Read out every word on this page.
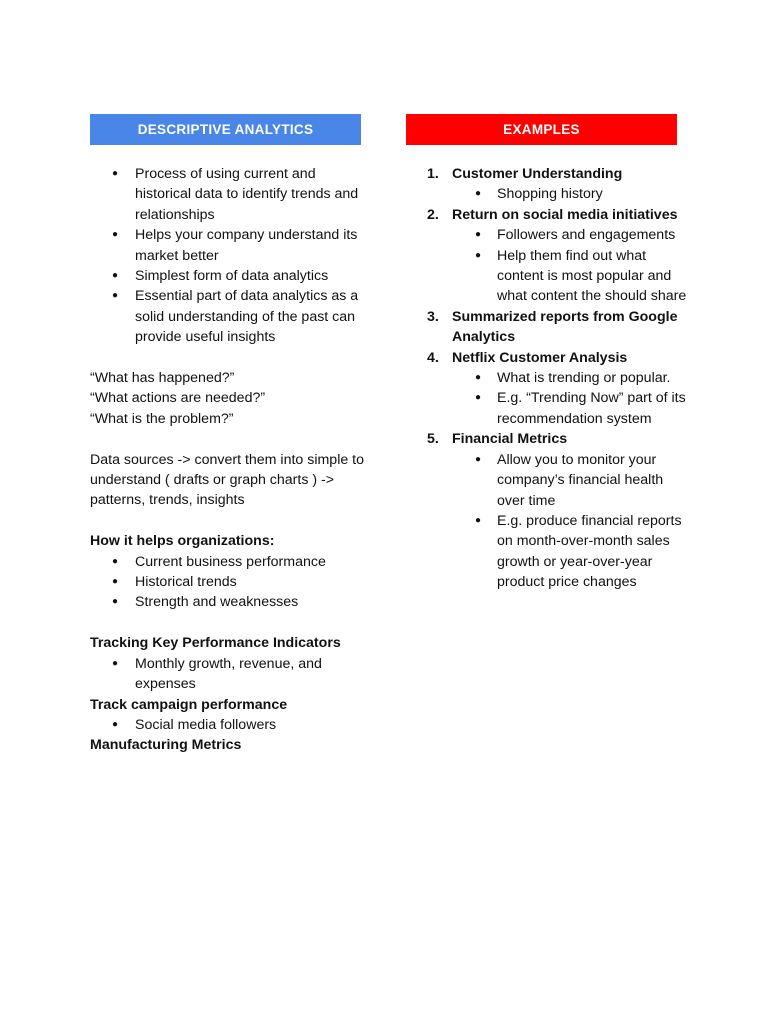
DESCRIPTIVE ANALYTICS	EXAMPLES
● Process of using current and historical data to identify trends and relationships
● Helps your company understand its market better
● Simplest form of data analytics
● Essential part of data analytics as a solid understanding of the past can provide useful insights

“What has happened?”

“What actions are needed?”

“What is the problem?”

Data sources -> convert them into simple to understand ( drafts or graph charts ) -> patterns, trends, insights

How it helps organizations:

● Current business performance
● Historical trends
● Strength and weaknesses

Tracking Key Performance Indicators

● Monthly growth, revenue, and expenses

Track campaign performance

● Social media followers

Manufacturing Metrics

1. Customer Understanding
● Shopping history
2. Return on social media initiatives
● Followers and engagements
● Help them find out what content is most popular and what content the should share
3. Summarized reports from Google Analytics
4. Netflix Customer Analysis
● What is trending or popular.
● E.g. “Trending Now” part of its recommendation system
5. Financial Metrics
● Allow you to monitor your company’s financial health over time
● E.g. produce financial reports on month-over-month sales growth or year-over-year product price changes
